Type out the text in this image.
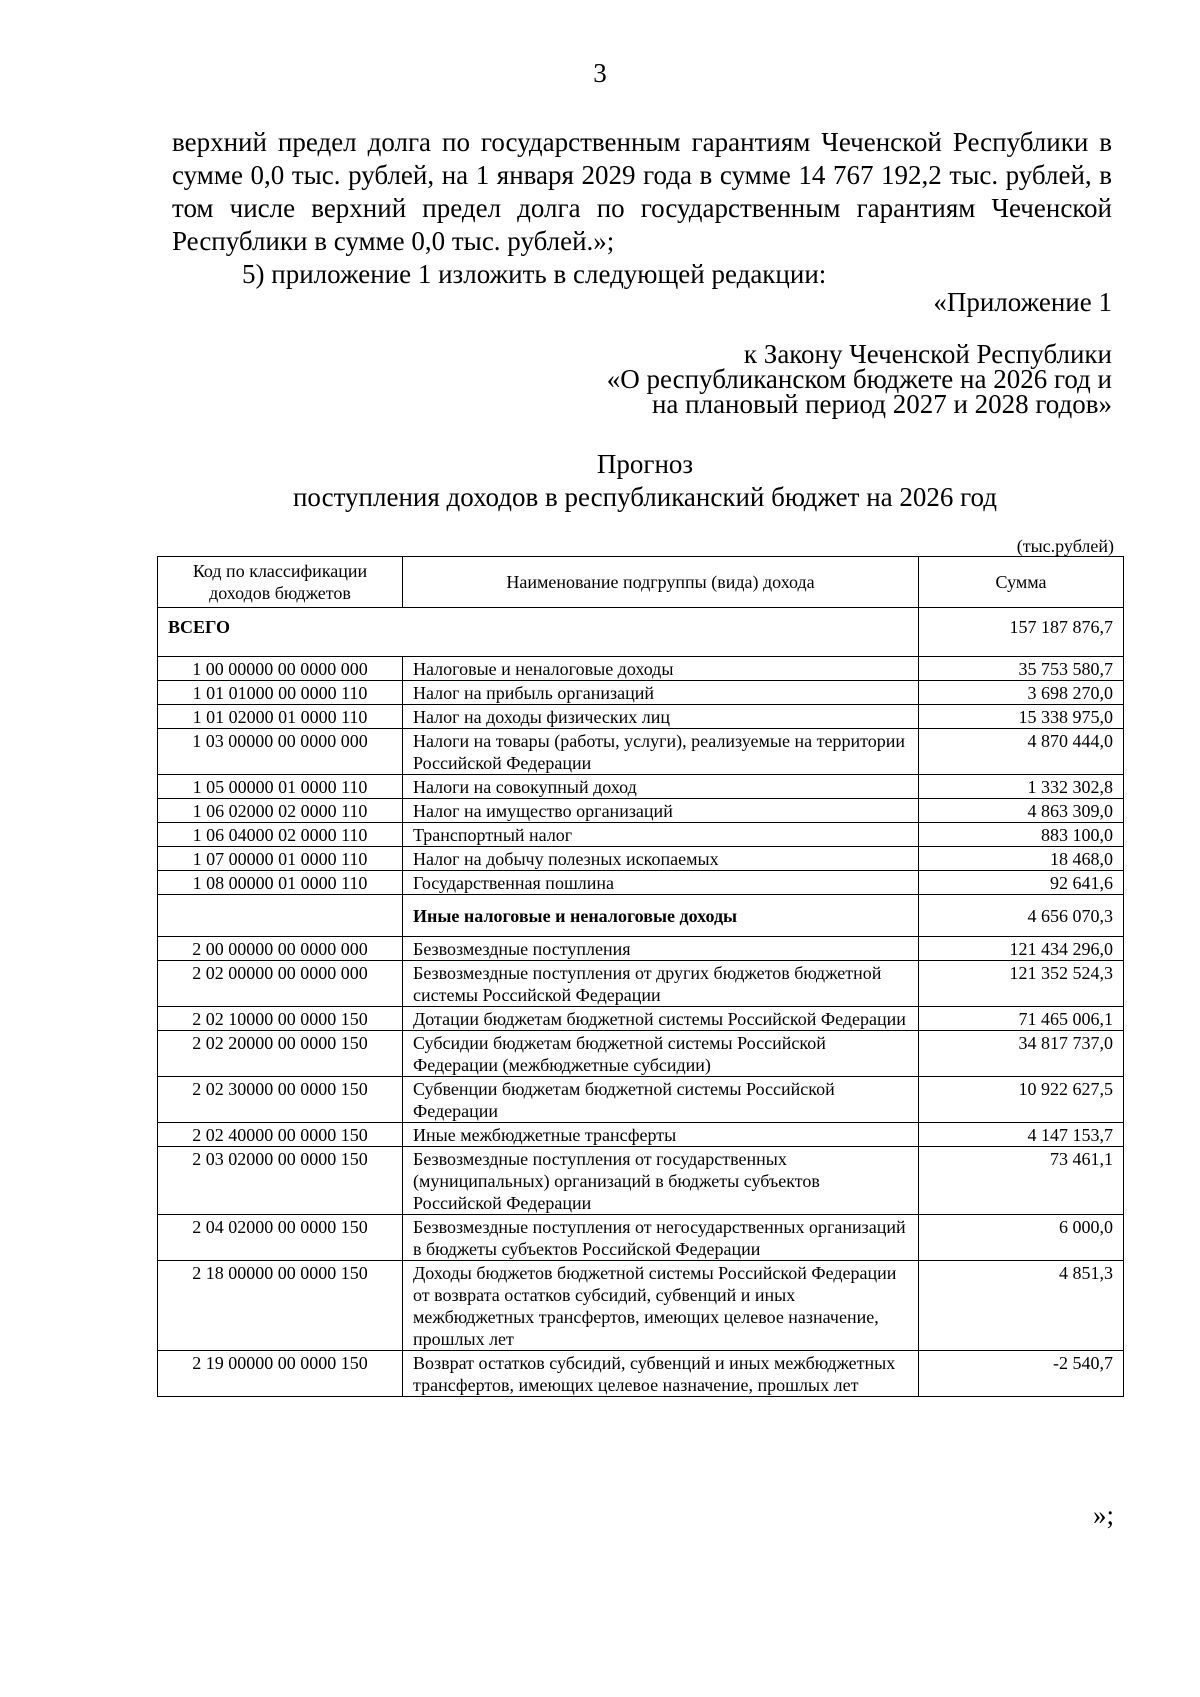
3

верхний предел долга по государственным гарантиям Чеченской Республики в сумме 0,0 тыс. рублей, на 1 января 2029 года в сумме 14 767 192,2 тыс. рублей, в том числе верхний предел долга по государственным гарантиям Чеченской Республики в сумме 0,0 тыс. рублей.»;

5) приложение 1 изложить в следующей редакции:
«Приложение 1
к Закону Чеченской Республики
«О республиканском бюджете на 2026 год и
на плановый период 2027 и 2028 годов»
Прогноз
поступления доходов в республиканский бюджет на 2026 год
(тыс.рублей)
Код по классификации доходов бюджетов	Наименование подгруппы (вида) дохода	Сумма
ВСЕГО		157 187 876,7
1 00 00000 00 0000 000	Налоговые и неналоговые доходы	35 753 580,7
1 01 01000 00 0000 110	Налог на прибыль организаций	3 698 270,0
1 01 02000 01 0000 110	Налог на доходы физических лиц	15 338 975,0
1 03 00000 00 0000 000	Налоги на товары (работы, услуги), реализуемые на территории Российской Федерации	4 870 444,0
1 05 00000 01 0000 110	Налоги на совокупный доход	1 332 302,8
1 06 02000 02 0000 110	Налог на имущество организаций	4 863 309,0
1 06 04000 02 0000 110	Транспортный налог	883 100,0
1 07 00000 01 0000 110	Налог на добычу полезных ископаемых	18 468,0
1 08 00000 01 0000 110	Государственная пошлина	92 641,6
	Иные налоговые и неналоговые доходы	4 656 070,3
2 00 00000 00 0000 000	Безвозмездные поступления	121 434 296,0
2 02 00000 00 0000 000	Безвозмездные поступления от других бюджетов бюджетной системы Российской Федерации	121 352 524,3
2 02 10000 00 0000 150	Дотации бюджетам бюджетной системы Российской Федерации	71 465 006,1
2 02 20000 00 0000 150	Субсидии бюджетам бюджетной системы Российской Федерации (межбюджетные субсидии)	34 817 737,0
2 02 30000 00 0000 150	Субвенции бюджетам бюджетной системы Российской Федерации	10 922 627,5
2 02 40000 00 0000 150	Иные межбюджетные трансферты	4 147 153,7
2 03 02000 00 0000 150	Безвозмездные поступления от государственных (муниципальных) организаций в бюджеты субъектов Российской Федерации	73 461,1
2 04 02000 00 0000 150	Безвозмездные поступления от негосударственных организаций в бюджеты субъектов Российской Федерации	6 000,0
2 18 00000 00 0000 150	Доходы бюджетов бюджетной системы Российской Федерации от возврата остатков субсидий, субвенций и иных межбюджетных трансфертов, имеющих целевое назначение, прошлых лет	4 851,3
2 19 00000 00 0000 150	Возврат остатков субсидий, субвенций и иных межбюджетных трансфертов, имеющих целевое назначение, прошлых лет	-2 540,7
»;
